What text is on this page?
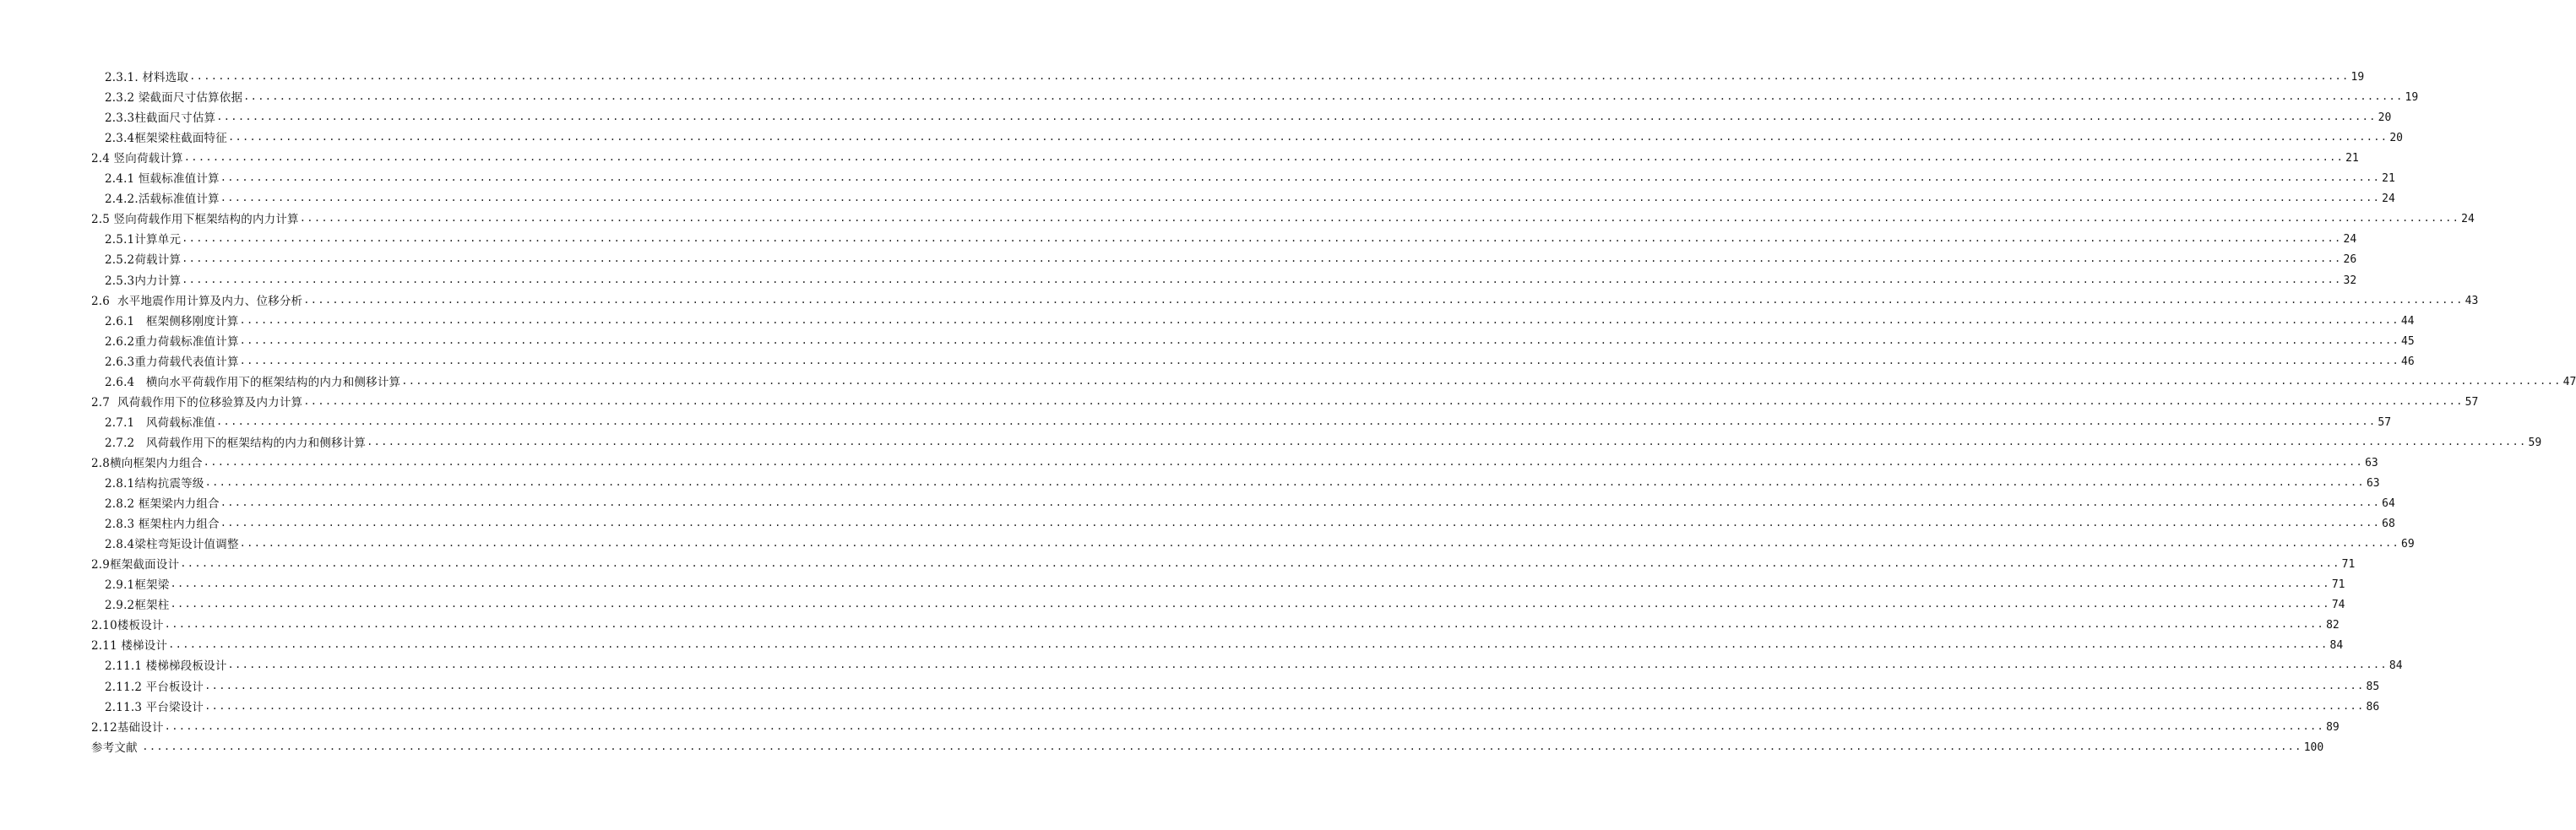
2.3.1. 材料选取 ............................................................................................................................................................................................................................................................................................................ 19
2.3.2 梁截面尺寸估算依据 ............................................................................................................................................................................................................................................................................................................ 19
2.3.3柱截面尺寸估算 ............................................................................................................................................................................................................................................................................................................ 20
2.3.4框架梁柱截面特征 ............................................................................................................................................................................................................................................................................................................ 20
2.4 竖向荷载计算 ............................................................................................................................................................................................................................................................................................................ 21
2.4.1 恒载标准值计算 ............................................................................................................................................................................................................................................................................................................ 21
2.4.2.活载标准值计算 ............................................................................................................................................................................................................................................................................................................ 24
2.5 竖向荷载作用下框架结构的内力计算 ............................................................................................................................................................................................................................................................................................................ 24
2.5.1计算单元 ............................................................................................................................................................................................................................................................................................................ 24
2.5.2荷载计算 ............................................................................................................................................................................................................................................................................................................ 26
2.5.3内力计算 ............................................................................................................................................................................................................................................................................................................ 32
2.6  水平地震作用计算及内力、位移分析 ............................................................................................................................................................................................................................................................................................................ 43
2.6.1   框架侧移刚度计算 ............................................................................................................................................................................................................................................................................................................ 44
2.6.2重力荷载标准值计算 ............................................................................................................................................................................................................................................................................................................ 45
2.6.3重力荷载代表值计算 ............................................................................................................................................................................................................................................................................................................ 46
2.6.4   横向水平荷载作用下的框架结构的内力和侧移计算 ............................................................................................................................................................................................................................................................................................................ 47
2.7  风荷载作用下的位移验算及内力计算 ............................................................................................................................................................................................................................................................................................................ 57
2.7.1   风荷载标准值 ............................................................................................................................................................................................................................................................................................................ 57
2.7.2   风荷载作用下的框架结构的内力和侧移计算 ............................................................................................................................................................................................................................................................................................................ 59
2.8横向框架内力组合 ............................................................................................................................................................................................................................................................................................................ 63
2.8.1结构抗震等级 ............................................................................................................................................................................................................................................................................................................ 63
2.8.2 框架梁内力组合 ............................................................................................................................................................................................................................................................................................................ 64
2.8.3 框架柱内力组合 ............................................................................................................................................................................................................................................................................................................ 68
2.8.4梁柱弯矩设计值调整 ............................................................................................................................................................................................................................................................................................................ 69
2.9框架截面设计 ............................................................................................................................................................................................................................................................................................................ 71
2.9.1框架梁 ............................................................................................................................................................................................................................................................................................................ 71
2.9.2框架柱 ............................................................................................................................................................................................................................................................................................................ 74
2.10楼板设计 ............................................................................................................................................................................................................................................................................................................ 82
2.11 楼梯设计 ............................................................................................................................................................................................................................................................................................................ 84
2.11.1 楼梯梯段板设计 ............................................................................................................................................................................................................................................................................................................ 84
2.11.2 平台板设计 ............................................................................................................................................................................................................................................................................................................ 85
2.11.3 平台梁设计 ............................................................................................................................................................................................................................................................................................................ 86
2.12基础设计 ............................................................................................................................................................................................................................................................................................................ 89
参考文献 ............................................................................................................................................................................................................................................................................................................ 100
